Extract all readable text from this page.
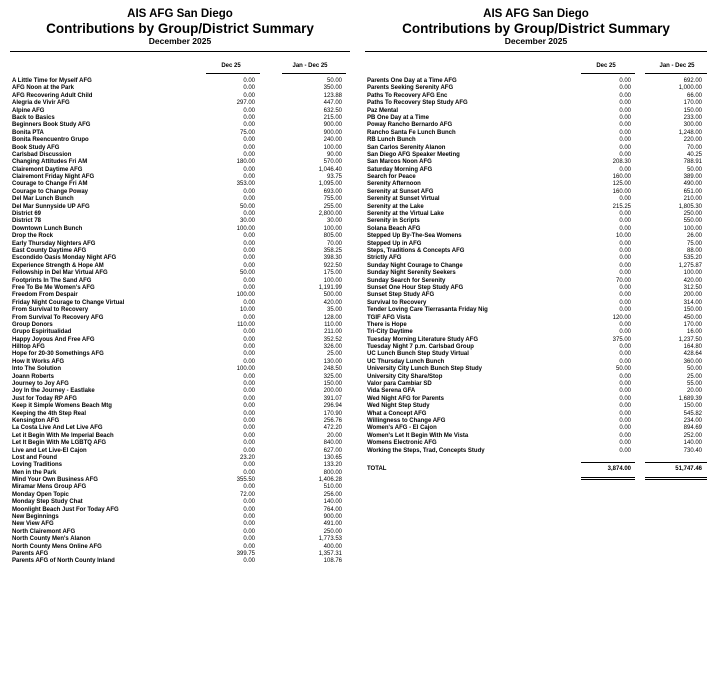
AIS AFG San Diego
Contributions by Group/District Summary
December 2025
Dec 25	Jan - Dec 25
A Little Time for Myself AFG	0.00	50.00
AFG Noon at the Park	0.00	350.00
AFG Recovering Adult Child	0.00	123.88
Alegria de Vivir AFG	297.00	447.00
Alpine AFG	0.00	632.50
Back to Basics	0.00	215.00
Beginners Book Study AFG	0.00	900.00
Bonita PTA	75.00	900.00
Bonita Reencuentro Grupo	0.00	240.00
Book Study AFG	0.00	100.00
Carlsbad Discussion	0.00	90.00
Changing Attitudes Fri AM	180.00	570.00
Clairemont Daytime AFG	0.00	1,046.40
Clairemont Friday Night AFG	0.00	93.75
Courage to Change Fri AM	353.00	1,095.00
Courage to Change Poway	0.00	693.00
Del Mar Lunch Bunch	0.00	755.00
Del Mar Sunnyside UP AFG	50.00	255.00
District 69	0.00	2,800.00
District 78	30.00	30.00
Downtown Lunch Bunch	100.00	100.00
Drop the Rock	0.00	805.00
Early Thursday Nighters AFG	0.00	70.00
East County Daytime AFG	0.00	358.25
Escondido Oasis Monday Night AFG	0.00	398.30
Experience Strength & Hope AM	0.00	922.50
Fellowship in Del Mar Virtual AFG	50.00	175.00
Footprints In The Sand AFG	0.00	100.00
Free To Be Me Women's AFG	0.00	1,191.99
Freedom From Despair	100.00	500.00
Friday Night Courage to Change Virtual	0.00	420.00
From Survival to Recovery	10.00	35.00
From Survival To Recovery AFG	0.00	128.00
Group Donors	110.00	110.00
Grupo Espiritualidad	0.00	211.00
Happy Joyous And Free AFG	0.00	352.52
Hilltop AFG	0.00	326.00
Hope for 20-30 Somethings AFG	0.00	25.00
How It Works AFG	0.00	130.00
Into The Solution	100.00	248.50
Joann Roberts	0.00	325.00
Journey to Joy AFG	0.00	150.00
Joy In the Journey - Eastlake	0.00	200.00
Just for Today RP AFG	0.00	391.07
Keep it Simple Womens Beach Mtg	0.00	296.94
Keeping the 4th Step Real	0.00	170.90
Kensington AFG	0.00	256.76
La Costa Live And Let Live AFG	0.00	472.20
Let it Begin With Me Imperial Beach	0.00	20.00
Let It Begin With Me LGBTQ AFG	0.00	840.00
Live and Let Live-El Cajon	0.00	627.00
Lost and Found	23.20	130.65
Loving Traditions	0.00	133.20
Men in the Park	0.00	800.00
Mind Your Own Business AFG	355.50	1,406.28
Miramar Mens Group AFG	0.00	510.00
Monday Open Topic	72.00	256.00
Monday Step Study Chat	0.00	140.00
Moonlight Beach Just For Today AFG	0.00	764.00
New Beginnings	0.00	900.00
New View AFG	0.00	491.00
North Clairemont AFG	0.00	250.00
North County Men's Alanon	0.00	1,773.53
North County Mens Online AFG	0.00	400.00
Parents AFG	399.75	1,357.31
Parents AFG of North County Inland	0.00	108.76
AIS AFG San Diego
Contributions by Group/District Summary
December 2025
Dec 25	Jan - Dec 25
Parents One Day at a Time AFG	0.00	692.00
Parents Seeking Serenity AFG	0.00	1,000.00
Paths To Recovery AFG Enc	0.00	66.00
Paths To Recovery Step Study AFG	0.00	170.00
Paz Mental	0.00	150.00
PB One Day at a Time	0.00	233.00
Poway Rancho Bernardo AFG	0.00	300.00
Rancho Santa Fe Lunch Bunch	0.00	1,248.00
RB Lunch Bunch	0.00	220.00
San Carlos Serenity Alanon	0.00	70.00
San Diego AFG Speaker Meeting	0.00	40.25
San Marcos Noon AFG	208.30	788.91
Saturday Morning AFG	0.00	50.00
Search for Peace	160.00	389.00
Serenity Afternoon	125.00	490.00
Serenity at Sunset AFG	160.00	651.00
Serenity at Sunset Virtual	0.00	210.00
Serenity at the Lake	215.25	1,805.30
Serenity at the Virtual Lake	0.00	250.00
Serenity in Scripts	0.00	550.00
Solana Beach AFG	0.00	100.00
Stepped Up By-The-Sea Womens	10.00	26.00
Stepped Up in AFG	0.00	75.00
Steps, Traditions & Concepts AFG	0.00	88.00
Strictly AFG	0.00	535.20
Sunday Night Courage to Change	0.00	1,275.87
Sunday Night Serenity Seekers	0.00	100.00
Sunday Search for Serenity	70.00	420.00
Sunset One Hour Step Study AFG	0.00	312.50
Sunset Step Study AFG	0.00	200.00
Survival to Recovery	0.00	314.00
Tender Loving Care Tierrasanta Friday Nig	0.00	150.00
TGIF AFG Vista	120.00	450.00
There is Hope	0.00	170.00
Tri-City Daytime	0.00	16.00
Tuesday Morning Literature Study AFG	375.00	1,237.50
Tuesday Night 7 p.m. Carlsbad Group	0.00	164.80
UC Lunch Bunch Step Study Virtual	0.00	428.64
UC Thursday Lunch Bunch	0.00	360.00
University City Lunch Bunch Step Study	50.00	50.00
University City Share/Stop	0.00	25.00
Valor para Cambiar SD	0.00	55.00
Vida Serena GFA	0.00	20.00
Wed Night AFG for Parents	0.00	1,689.39
Wed Night Step Study	0.00	150.00
What a Concept AFG	0.00	545.82
Willingness to Change AFG	0.00	234.00
Women's AFG - El Cajon	0.00	894.69
Women's Let It Begin With Me Vista	0.00	252.00
Womens Electronic AFG	0.00	140.00
Working the Steps, Trad, Concepts Study	0.00	730.40
TOTAL	3,874.00	51,747.46
